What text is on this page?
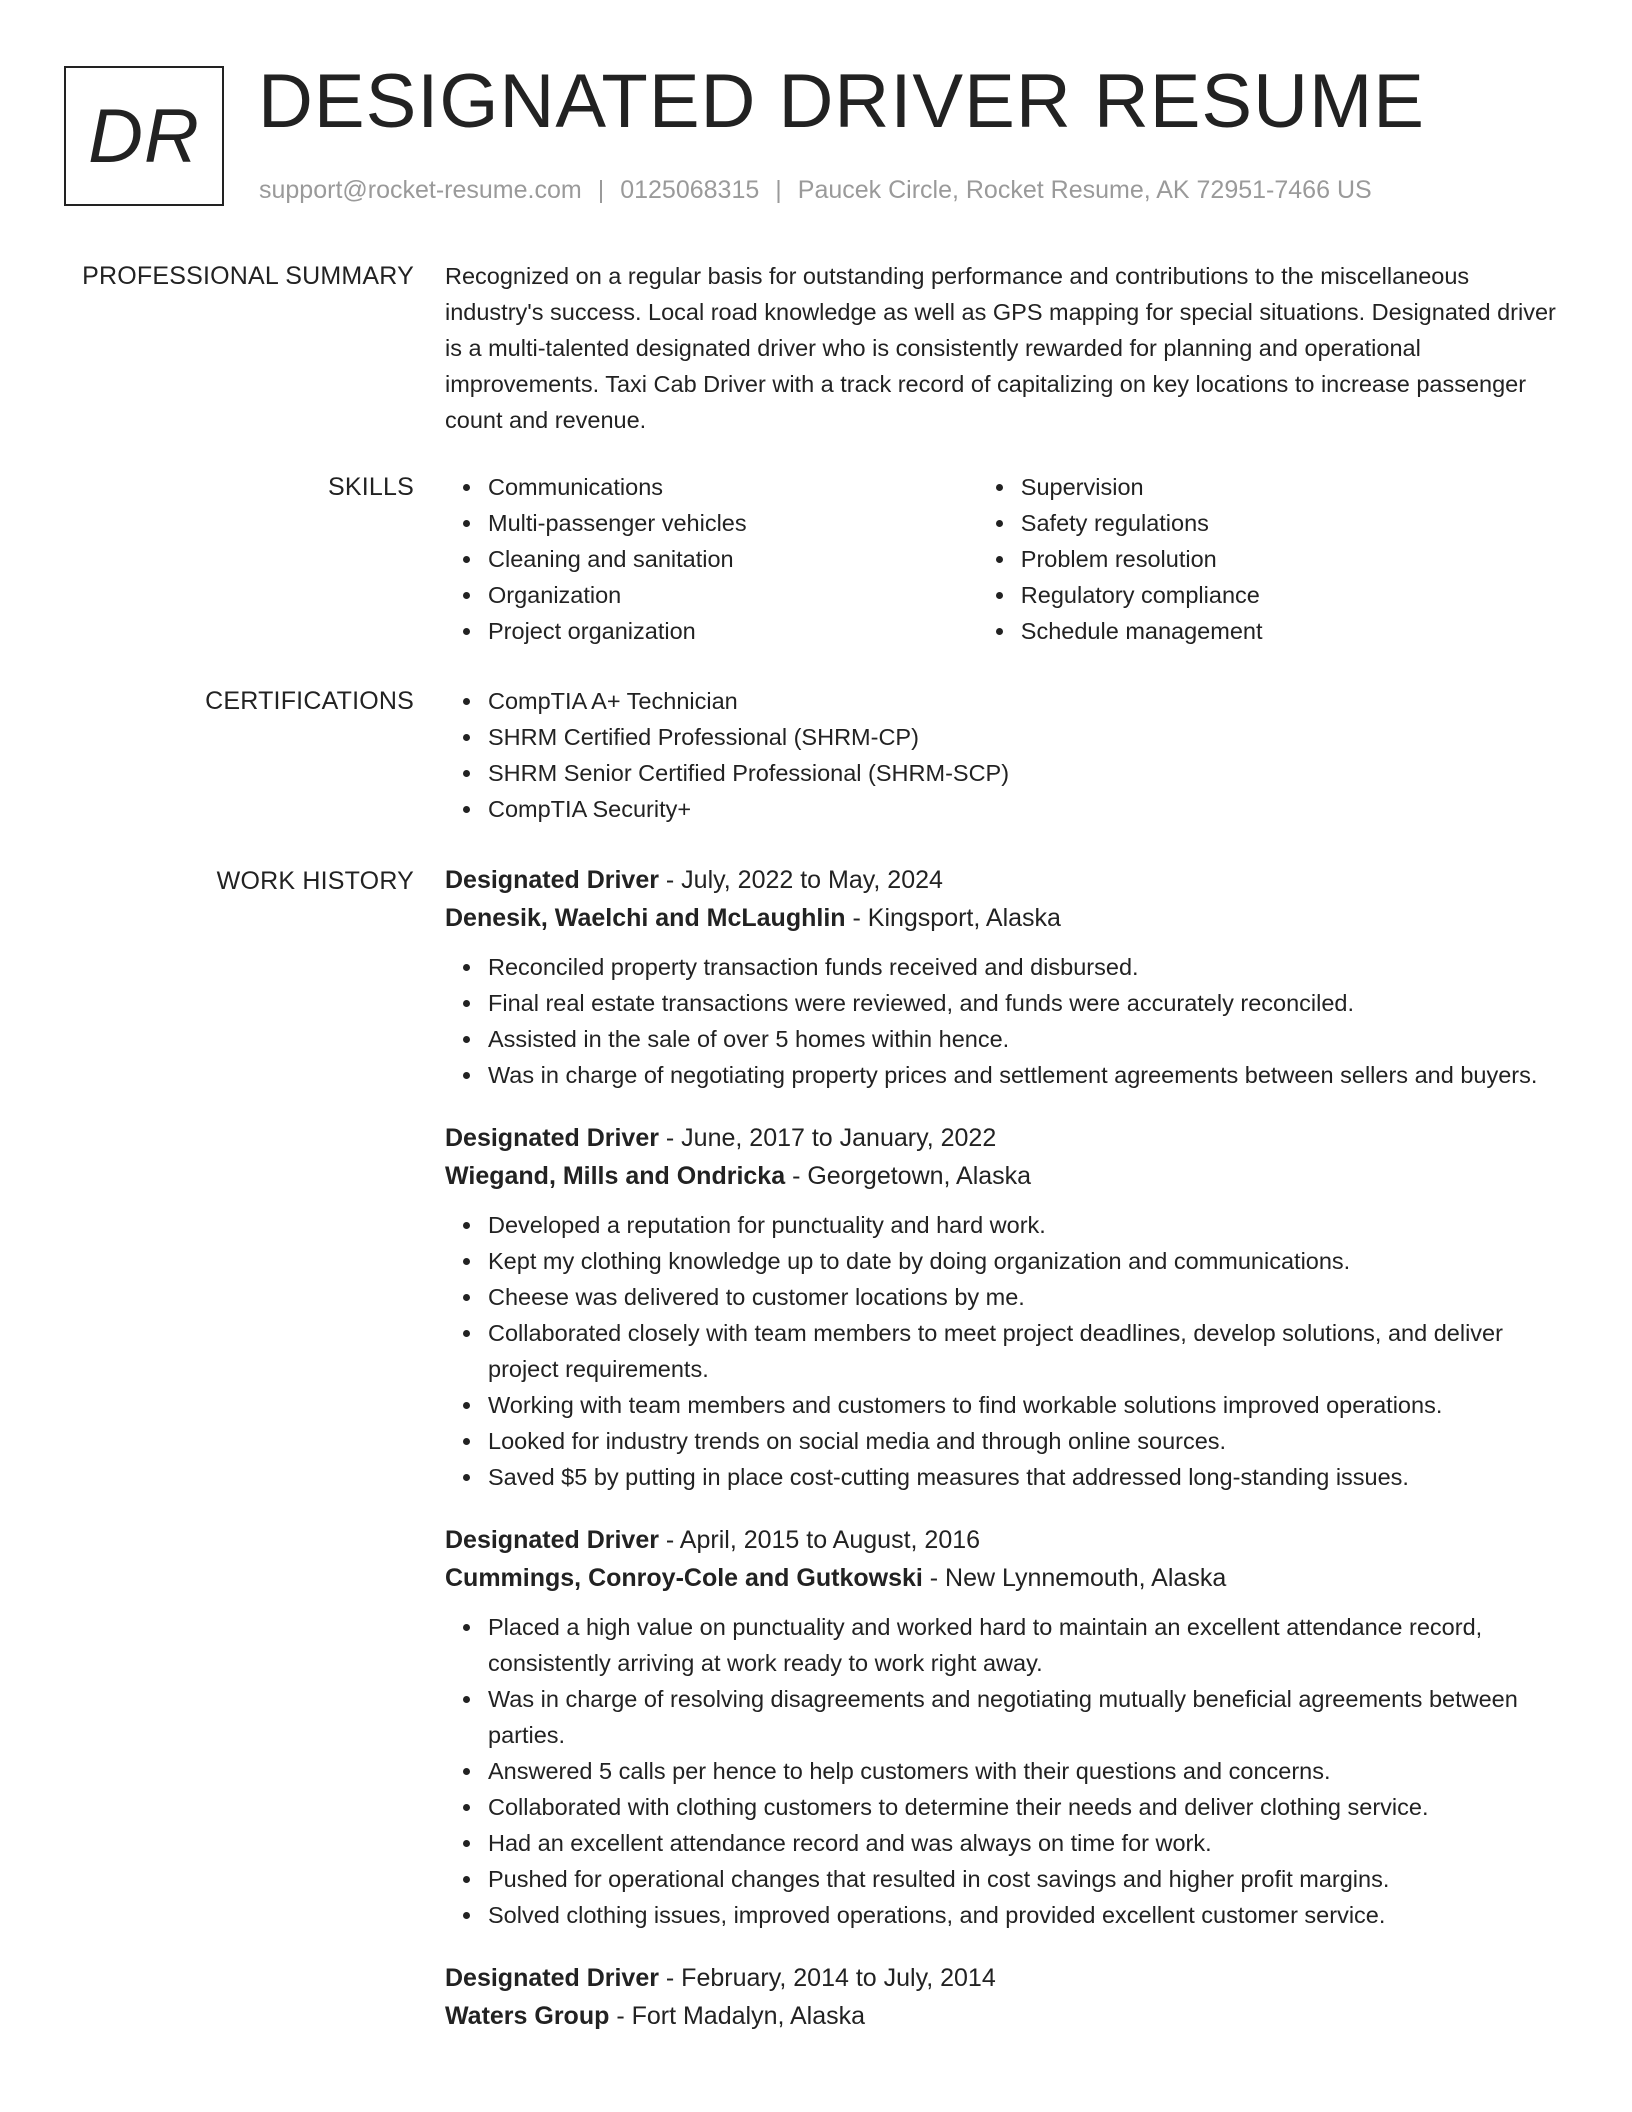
DR DESIGNATED DRIVER RESUME
support@rocket-resume.com | 0125068315 | Paucek Circle, Rocket Resume, AK 72951-7466 US
PROFESSIONAL SUMMARY Recognized on a regular basis for outstanding performance and contributions to the miscellaneous industry's success. Local road knowledge as well as GPS mapping for special situations. Designated driver is a multi-talented designated driver who is consistently rewarded for planning and operational improvements. Taxi Cab Driver with a track record of capitalizing on key locations to increase passenger count and revenue.

SKILLS	Communications
Multi-passenger vehicles
Cleaning and sanitation
Organization
Project organization
Supervision
Safety regulations
Problem resolution
Regulatory compliance
Schedule management
CERTIFICATIONS	CompTIA A+ Technician
SHRM Certified Professional (SHRM-CP)
SHRM Senior Certified Professional (SHRM-SCP)
CompTIA Security+
WORK HISTORY Designated Driver - July, 2022 to May, 2024
Denesik, Waelchi and McLaughlin - Kingsport, Alaska
Reconciled property transaction funds received and disbursed.
Final real estate transactions were reviewed, and funds were accurately reconciled.
Assisted in the sale of over 5 homes within hence.
Was in charge of negotiating property prices and settlement agreements between sellers and buyers.
Designated Driver - June, 2017 to January, 2022
Wiegand, Mills and Ondricka - Georgetown, Alaska
Developed a reputation for punctuality and hard work.
Kept my clothing knowledge up to date by doing organization and communications.
Cheese was delivered to customer locations by me.
Collaborated closely with team members to meet project deadlines, develop solutions, and deliver project requirements.
Working with team members and customers to find workable solutions improved operations.
Looked for industry trends on social media and through online sources.
Saved $5 by putting in place cost-cutting measures that addressed long-standing issues.
Designated Driver - April, 2015 to August, 2016
Cummings, Conroy-Cole and Gutkowski - New Lynnemouth, Alaska
Placed a high value on punctuality and worked hard to maintain an excellent attendance record, consistently arriving at work ready to work right away.
Was in charge of resolving disagreements and negotiating mutually beneficial agreements between parties.
Answered 5 calls per hence to help customers with their questions and concerns.
Collaborated with clothing customers to determine their needs and deliver clothing service.
Had an excellent attendance record and was always on time for work.
Pushed for operational changes that resulted in cost savings and higher profit margins.
Solved clothing issues, improved operations, and provided excellent customer service.
Designated Driver - February, 2014 to July, 2014
Waters Group - Fort Madalyn, Alaska
